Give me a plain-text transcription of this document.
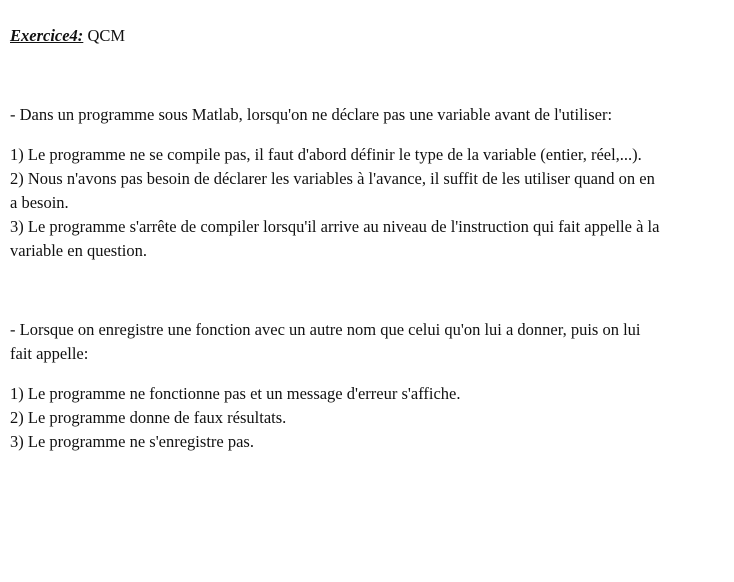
Exercice4: QCM

- Dans un programme sous Matlab, lorsqu'on ne déclare pas une variable avant de l'utiliser:

1) Le programme ne se compile pas, il faut d'abord définir le type de la variable (entier, réel,...).

2) Nous n'avons pas besoin de déclarer les variables à l'avance, il suffit de les utiliser quand on en a besoin.

3) Le programme s'arrête de compiler lorsqu'il arrive au niveau de l'instruction qui fait appelle à la variable en question.

- Lorsque on enregistre une fonction avec un autre nom que celui qu'on lui a donner, puis on lui fait appelle:

1) Le programme ne fonctionne pas et un message d'erreur s'affiche.

2) Le programme donne de faux résultats.

3) Le programme ne s'enregistre pas.
